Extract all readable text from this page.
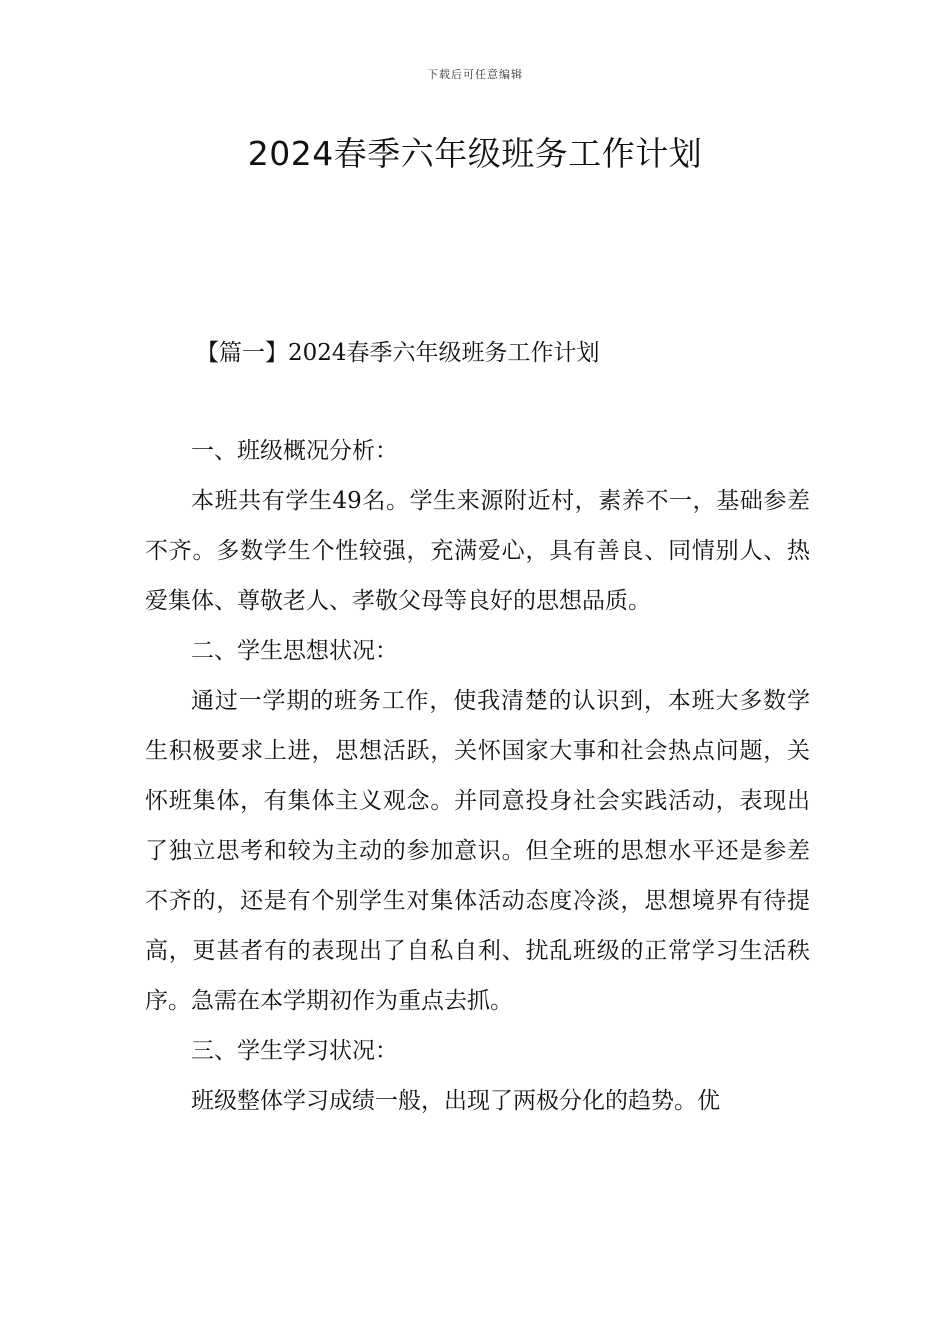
下载后可任意编辑
2024春季六年级班务工作计划
【篇一】2024春季六年级班务工作计划

一、班级概况分析：

本班共有学生49名。学生来源附近村，素养不一，基础参差不齐。多数学生个性较强，充满爱心，具有善良、同情别人、热爱集体、尊敬老人、孝敬父母等良好的思想品质。

二、学生思想状况：

通过一学期的班务工作，使我清楚的认识到，本班大多数学生积极要求上进，思想活跃，关怀国家大事和社会热点问题，关怀班集体，有集体主义观念。并同意投身社会实践活动，表现出了独立思考和较为主动的参加意识。但全班的思想水平还是参差不齐的，还是有个别学生对集体活动态度冷淡，思想境界有待提高，更甚者有的表现出了自私自利、扰乱班级的正常学习生活秩序。急需在本学期初作为重点去抓。

三、学生学习状况：

班级整体学习成绩一般，出现了两极分化的趋势。优
